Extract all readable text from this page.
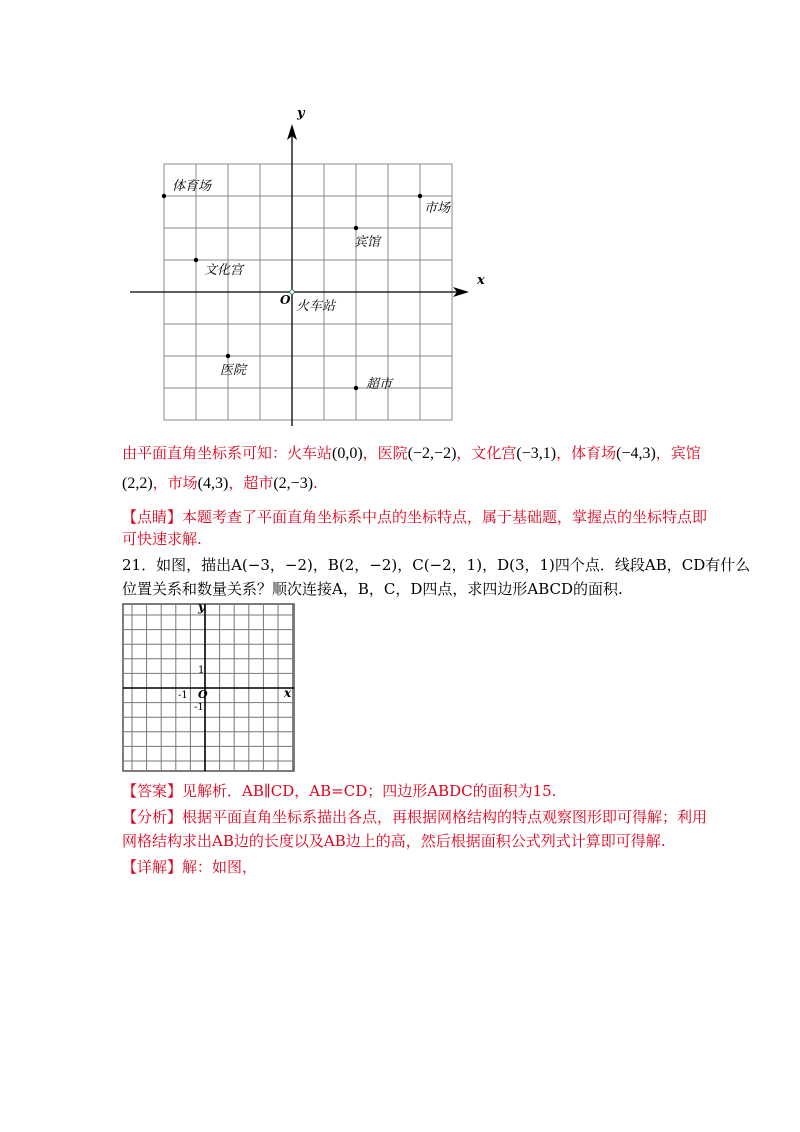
体育场
市场
宾馆
文化宫
火车站
医院
超市
x
y
O
由平面直角坐标系可知：火车站(0,0)，医院(−2,−2)，文化宫(−3,1)，体育场(−4,3)，宾馆
(2,2)，市场(4,3)，超市(2,−3).
【点睛】本题考查了平面直角坐标系中点的坐标特点，属于基础题，掌握点的坐标特点即
可快速求解.
21．如图，描出A(−3，−2)，B(2，−2)，C(−2，1)，D(3，1)四个点．线段AB，CD有什么
位置关系和数量关系？顺次连接A，B，C，D四点，求四边形ABCD的面积.
y
x
O
1
-1
-1
【答案】见解析．AB∥CD，AB=CD；四边形ABDC的面积为15.
【分析】根据平面直角坐标系描出各点，再根据网格结构的特点观察图形即可得解；利用
网格结构求出AB边的长度以及AB边上的高，然后根据面积公式列式计算即可得解.
【详解】解：如图，
